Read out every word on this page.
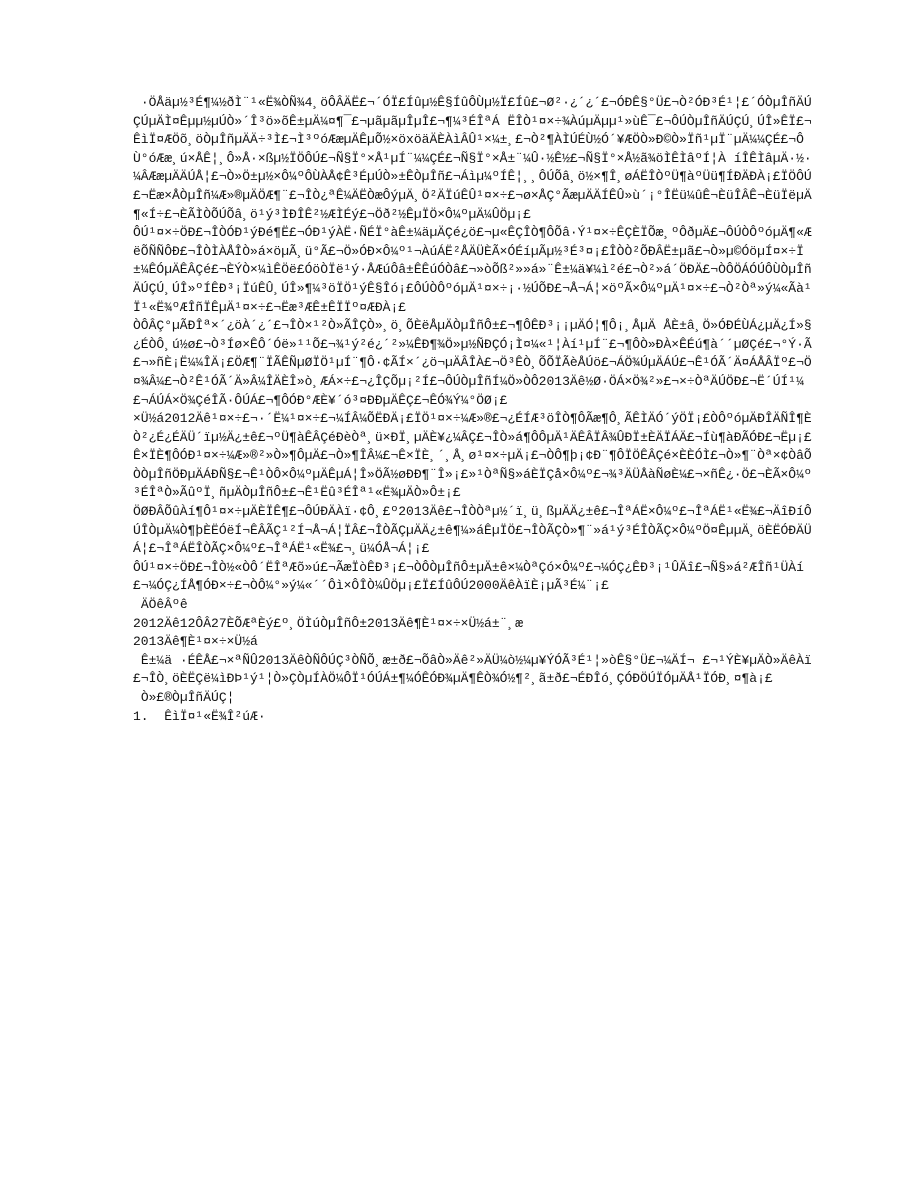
·ÖÅäµ½³É¶¼½ðÌ¨¹«Ë¾ÒÑ¾4¸öÔÂÄË£¬´ÓÏ£Íûµ½Ê§ÍûÔÙµ½Ï£Íû£¬Ø²·¿´¿´£¬ÓÐÊ§°Ü£¬Ò²ÓÐ³É¹¦£´ÓÒµÎñÄÚÇÚµÄÌ¤Êµµ½µÚÒ»´Î³ö»õÊ±µÄ¼¤¶¯£¬µãµãµÎµÎ£¬¶¼³ÉÎªÁ ËÎÒ¹¤×÷¾ÀúµÄµµ¹»ùÊ¯£¬ÔÚÒµÎñÄÚÇÚ¸ÚÎ»ÊÏ£¬ÊìÏ¤ÆÖõ¸öÒµÎñµÄÄ÷³Ì£¬Ì³ºóÆæµÄÊµÕ½×öxöäÄÈÀìÂÛ¹×¼±¸£¬Ò²¶ÀÌÚÉÙ½Ó´¥ÆÖÒ»Ð©Ò»Ïñ¹µÏ¨µÄ¼¼ÇÉ£¬ÔÙ°óÆæ¸ú×ÅÊ¦¸Ô»Å·×ßµ½ÏÖÔÚ£¬Ñ§Ï°×Å¹µÍ¨¼¼ÇÉ£¬Ñ§Ï°×Å±¨¼Û·½Ê½£¬Ñ§Ï°×Å½ã¾öÌÊÌâºÍ¦À íÎÊÌâµÄ·½·¼ÂÆæµÄÄÚÅ¦£¬Ò»Ö±µ½×Ô¼ºÔÙÀÅ¢Ê³ÉµÚÒ»±ÊÒµÎñ£¬Áìµ¼ºÍÊ¦¸¸ÔÚÕâ¸ö½×¶Î¸øÁËÎÒºÜ¶àºÜü¶ÍÐÄÐÀ¡£ÏÖÔÚ£¬Ëæ×ÅÒµÎñ¼Æ»®µÄÖÆ¶¨£¬ÎÒ¿ªÊ¼ÄËÒæÔýµÄ¸Ö²ÄÏúÊÛ¹¤×÷£¬ø×ÅÇ°ÃæµÄÄÍÊÛ»ù´¡°ÎËü¼ûÊ¬ÈüÎÂÊ¬ÈüÏëµÄ¶«Í÷£¬ÈÃÌÒÕÚÕâ¸ö¹ý³ÌÐÎÊ²½ÆÌÉý£¬Öð²½ÊµÏÖ×Ô¼ºµÄ¼ÛÖµ¡£

ÔÚ¹¤×÷ÖÐ£¬ÎÒÓÐ¹ýÐé¶Ë£¬ÓÐ¹ýÀË·ÑÉÏ°àÊ±¼äµÄÇé¿ö£¬µ«ÊÇÎÒ¶ÔÕâ·Ý¹¤×÷ÊÇÈÏÕæ¸ºÔðµÄ£¬ÔÚÒÔºóµÄ¶«ÆëÕÑÑÔÐ£¬ÎÒÌÀÅÎÒ»á×öµÃ¸ü°Ã£¬Ö»ÓÐ×Ô¼º¹¬ÀúÁË²ÅÄÜÈÃ×ÓÉíµÃµ½³É³¤¡£ÎÒÒ²ÕÐÂË±µã£¬Ò»µ©ÓöµÍ¤×÷Ï±¼ÊÓµÄÊÂÇé£¬ÈÝÒ×¼ìÊÖë£ÓöÒÏë¹ý·ÅÆúÔâ±ÊÊúÓÒâ£¬»òÕß²»»á»¨Ê±¼ä¥¼ì²é£¬Ò²»á´ÖÐÄ£¬ÒÔÖÁÓÚÔÙÒµÎñÄÚÇÚ¸ÚÎ»ºÍÊÐ³¡ÏúÊÛ¸ÚÎ»¶¼³öÏÖ¹ýÊ§Îó¡£ÔÚÒÔºóµÄ¹¤×÷¡·½ÚÕÐ£¬Å¬Á¦×öºÃ×Ô¼ºµÄ¹¤×÷£¬Ò²Òª»ý¼«Ãà¹Ï¹«Ë¾ºÆÎñÏÊµÄ¹¤×÷£¬Ëæ³ÆÊ±ÊÏÏº¤ÆÐÀ¡£

ÒÔÂÇ°µÃÐÎª×´¿öÀ´¿´£¬ÎÒ×¹²Ò»ÃÎÇÒ»¸ö¸ÕÈëÅµÄÒµÎñÔ±£¬¶ÔÊÐ³¡¡µÄÓ¦¶Ô¡¸ÅµÄ ÅÈ±â¸Ö»ÓÐÉÙÁ¿µÄ¿Í»§¿ÉÒÔ¸ú½ø£¬Ò³Íø×ÊÔ´Óë»¹¹Õ£¬¾¹ý²é¿´²»¼ÊÐ¶¾Ö»µ½ÑÐÇÓ¡Ì¤¼«¹¦Àí¹µÍ¨£¬¶ÔÒ»ÐÀ×ÊÉú¶à´´µØÇé£¬°Ý·Ã£¬»ñÈ¡Ë¼¼ÎÄ¡£ÖÆ¶¨ÏÃÊÑµØÏÖ¹µÍ¨¶Ô·¢ÃÍ×´¿ö¬µÄÂÎÀ£¬Ö³ÊÒ¸ÕÕÏÃèÅÚö£¬ÁÖ¾ÚµÄÁÚ£¬Ê¹ÓÃ´Ä¤ÁÅÂÏº£¬Ö¤¾Â¼£¬Ò²Ê¹ÓÃ´Ä»Â¼ÎÄÈÎ»ò¸ÆÁ×÷£¬¿ÎÇÕµ¡²Í£¬ÔÚÒµÎñÍ¼Ö»ÒÔ2013Äê½Ø·ÖÁ×Ö¾²»£¬×÷ÒªÄÚÖÐ£¬Ë´ÚÍ¹¼£¬ÁÚÁ×Ö¾ÇéÎÃ·ÔÚÁ£¬¶ÔÓÐ°ÆÈ¥´ó³¤ÐÐµÄÊÇ£¬ÊÓ¾Ý¼°ÖØ¡£

×Ü½á2012Äê¹¤×÷£¬·´Ë¼¹¤×÷£¬¼ÍÂ¼ÕËÐÄ¡£ÏÖ¹¤×÷¼Æ»®£¬¿ÉÍÆ³öÎÒ¶ÔÃæ¶Ô¸ÃÊÌÄÓ´ýÖÏ¡£ÒÔºóµÄÐÎÄÑÎ¶ÈÒ²¿É¿ÉÄÜ´ïµ½Ä¿±ê£¬ºÜ¶àÊÂÇéÐèÒª¸ü×ÐÏ¸µÄÈ¥¿¼ÂÇ£¬ÎÒ»á¶ÔÔµÄ¹ÄÊÂÏÂ¾ÛÐÏ±ÈÄÏÁÄ£¬Íù¶àÐÃÓÐ£¬Ëµ¡£

Ê×ÏÈ¶ÔÓÐ¹¤×÷¼Æ»®²»Ò»¶ÔµÄ£¬Ò»¶ÎÂ¼£¬Ê×ÏÈ¸´¸Å¸ø¹¤×÷µÄ¡£¬ÒÔ¶þ¡¢Ð¨¶ÔÏÖÊÂÇé×ÈÈÓÌ£¬Ò»¶¨Òª×¢ÒâÕÒÒµÎñÖÐµÄÁÐÑ§£¬Ê¹ÒÔ×Ô¼ºµÄÊµÁ¦Î»ÖÃ½øÐÐ¶¨Î»¡£»¹ÒªÑ§»áÈÏÇå×Ô¼º£¬¾³ÄÜÅàÑøÈ¼£¬×ñÊ¿·Ö£¬ÈÃ×Ô¼º³ÉÎªÒ»ÃûºÏ¸ñµÄÒµÎñÔ±£¬Ê¹Ëû³ÉÎª¹«Ë¾µÄÒ»Ô±¡£

ÖØÐÂÕûÀí¶Ô¹¤×÷µÄÈÏÊ¶£¬ÔÚÐÄÀï·¢Ô¸£º2013Äê£¬ÎÒÒªµ½´ï¸ü¸ßµÄÄ¿±ê£¬ÎªÁË×Ô¼º£¬ÎªÁË¹«Ë¾£¬ÄîÐíÔÚÎÒµÄ¼Ò¶þÈËÓëÍ¬ÊÂÃÇ¹²Í¬Å¬Á¦ÏÂ£¬ÎÒÃÇµÄÄ¿±ê¶¼»áÊµÏÖ£¬ÎÒÃÇÒ»¶¨»á¹ý³ÉÎÒÃÇ×Ô¼ºÖ¤ÊµµÄ¸öÈËÓÐÄÜÁ¦£¬ÎªÁËÎÒÃÇ×Ô¼º£¬ÎªÁË¹«Ë¾£¬¸ü¼ÓÅ¬Á¦¡£

ÔÚ¹¤×÷ÖÐ£¬ÎÒ½«ÒÔ´ËÎªÆõ»ú£¬ÃæÏòÊÐ³¡£¬ÒÔÒµÎñÔ±µÄ±ê×¼ÒªÇó×Ô¼º£¬¼ÓÇ¿ÊÐ³¡¹ÛÄî£¬Ñ§»á²ÆÎñ¹ÜÀí£¬¼ÓÇ¿ÍÅ¶ÓÐ×÷£¬ÒÔ¼°»ý¼«´´Ôì×ÔÎÒ¼ÛÖµ¡£Ï£ÍûÔÚ2000ÄêÀïÈ¡µÃ³É¼¨¡£

ÄÖêÂºê

2012Äê12ÔÂ27ÈÕÆªÈý£º¸ÖÌúÒµÎñÔ±2013Äê¶È¹¤×÷×Ü½á±¨¸æ

2013Äê¶È¹¤×÷×Ü½á

Ê±¼ä ·ÉÊÅ£¬×ªÑÛ2013ÄêÒÑÔÚÇ³ÒÑÕ¸æ±ð£¬ÕâÒ»Äê²»ÄÜ¼ò½¼µ¥ÝÓÃ³É¹¦»òÊ§°Ü£¬¼ÄÍ¬ £¬¹ÝÈ¥µÄÒ»ÄêÀï£¬ÎÒ¸öÈËÇë¼ìÐÞ¹ý¹¦Ò»ÇÒµÍÀÖ¼ÔÏ¹ÓÚÁ±¶¼ÓÊÓÐ¾µÄ¶ÊÒ¾Ó½¶²¸ã±ð£¬ÉÐÎó¸ÇÓÐÖÚÏÓµÄÅ¹ÏÓÐ¸¤¶à¡£

Ò»£®ÒµÎñÄÚÇ¦

1.  ÊìÏ¤¹«Ë¾Î²úÆ·
